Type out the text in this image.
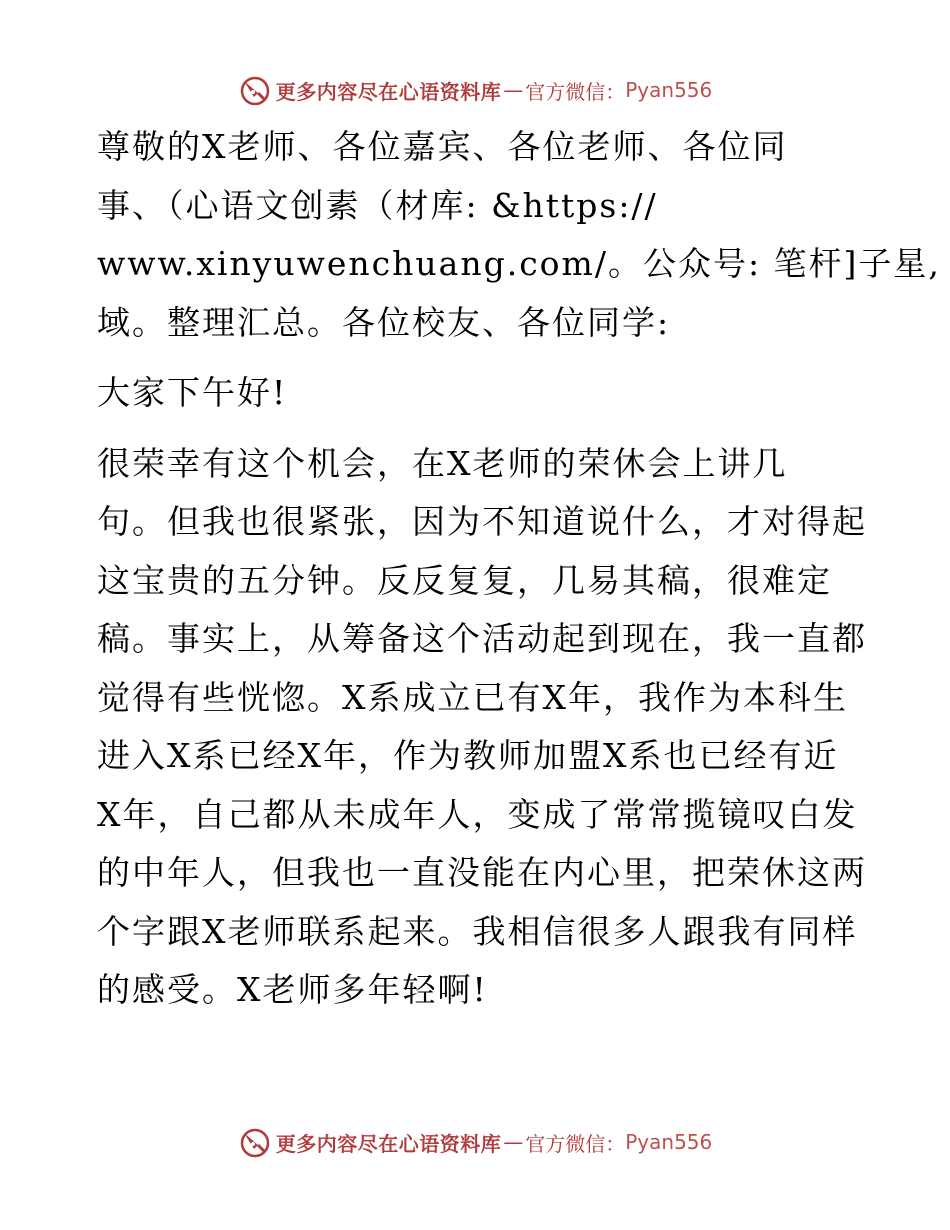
更多内容尽在心语资料库 — 官方微信： Pyan556

尊敬的X老师、各位嘉宾、各位老师、各位同

事、（心语文创素（材库: &https://

www.xinyuwenchuang.com/。公众号: 笔杆]子星,

域。整理汇总。各位校友、各位同学:

大家下午好!

很荣幸有这个机会，在X老师的荣休会上讲几

句。但我也很紧张，因为不知道说什么，才对得起

这宝贵的五分钟。反反复复，几易其稿，很难定

稿。事实上，从筹备这个活动起到现在，我一直都

觉得有些恍惚。X系成立已有X年，我作为本科生

进入X系已经X年，作为教师加盟X系也已经有近

X年，自己都从未成年人，变成了常常揽镜叹白发

的中年人，但我也一直没能在内心里，把荣休这两

个字跟X老师联系起来。我相信很多人跟我有同样

的感受。X老师多年轻啊!

更多内容尽在心语资料库 — 官方微信： Pyan556
